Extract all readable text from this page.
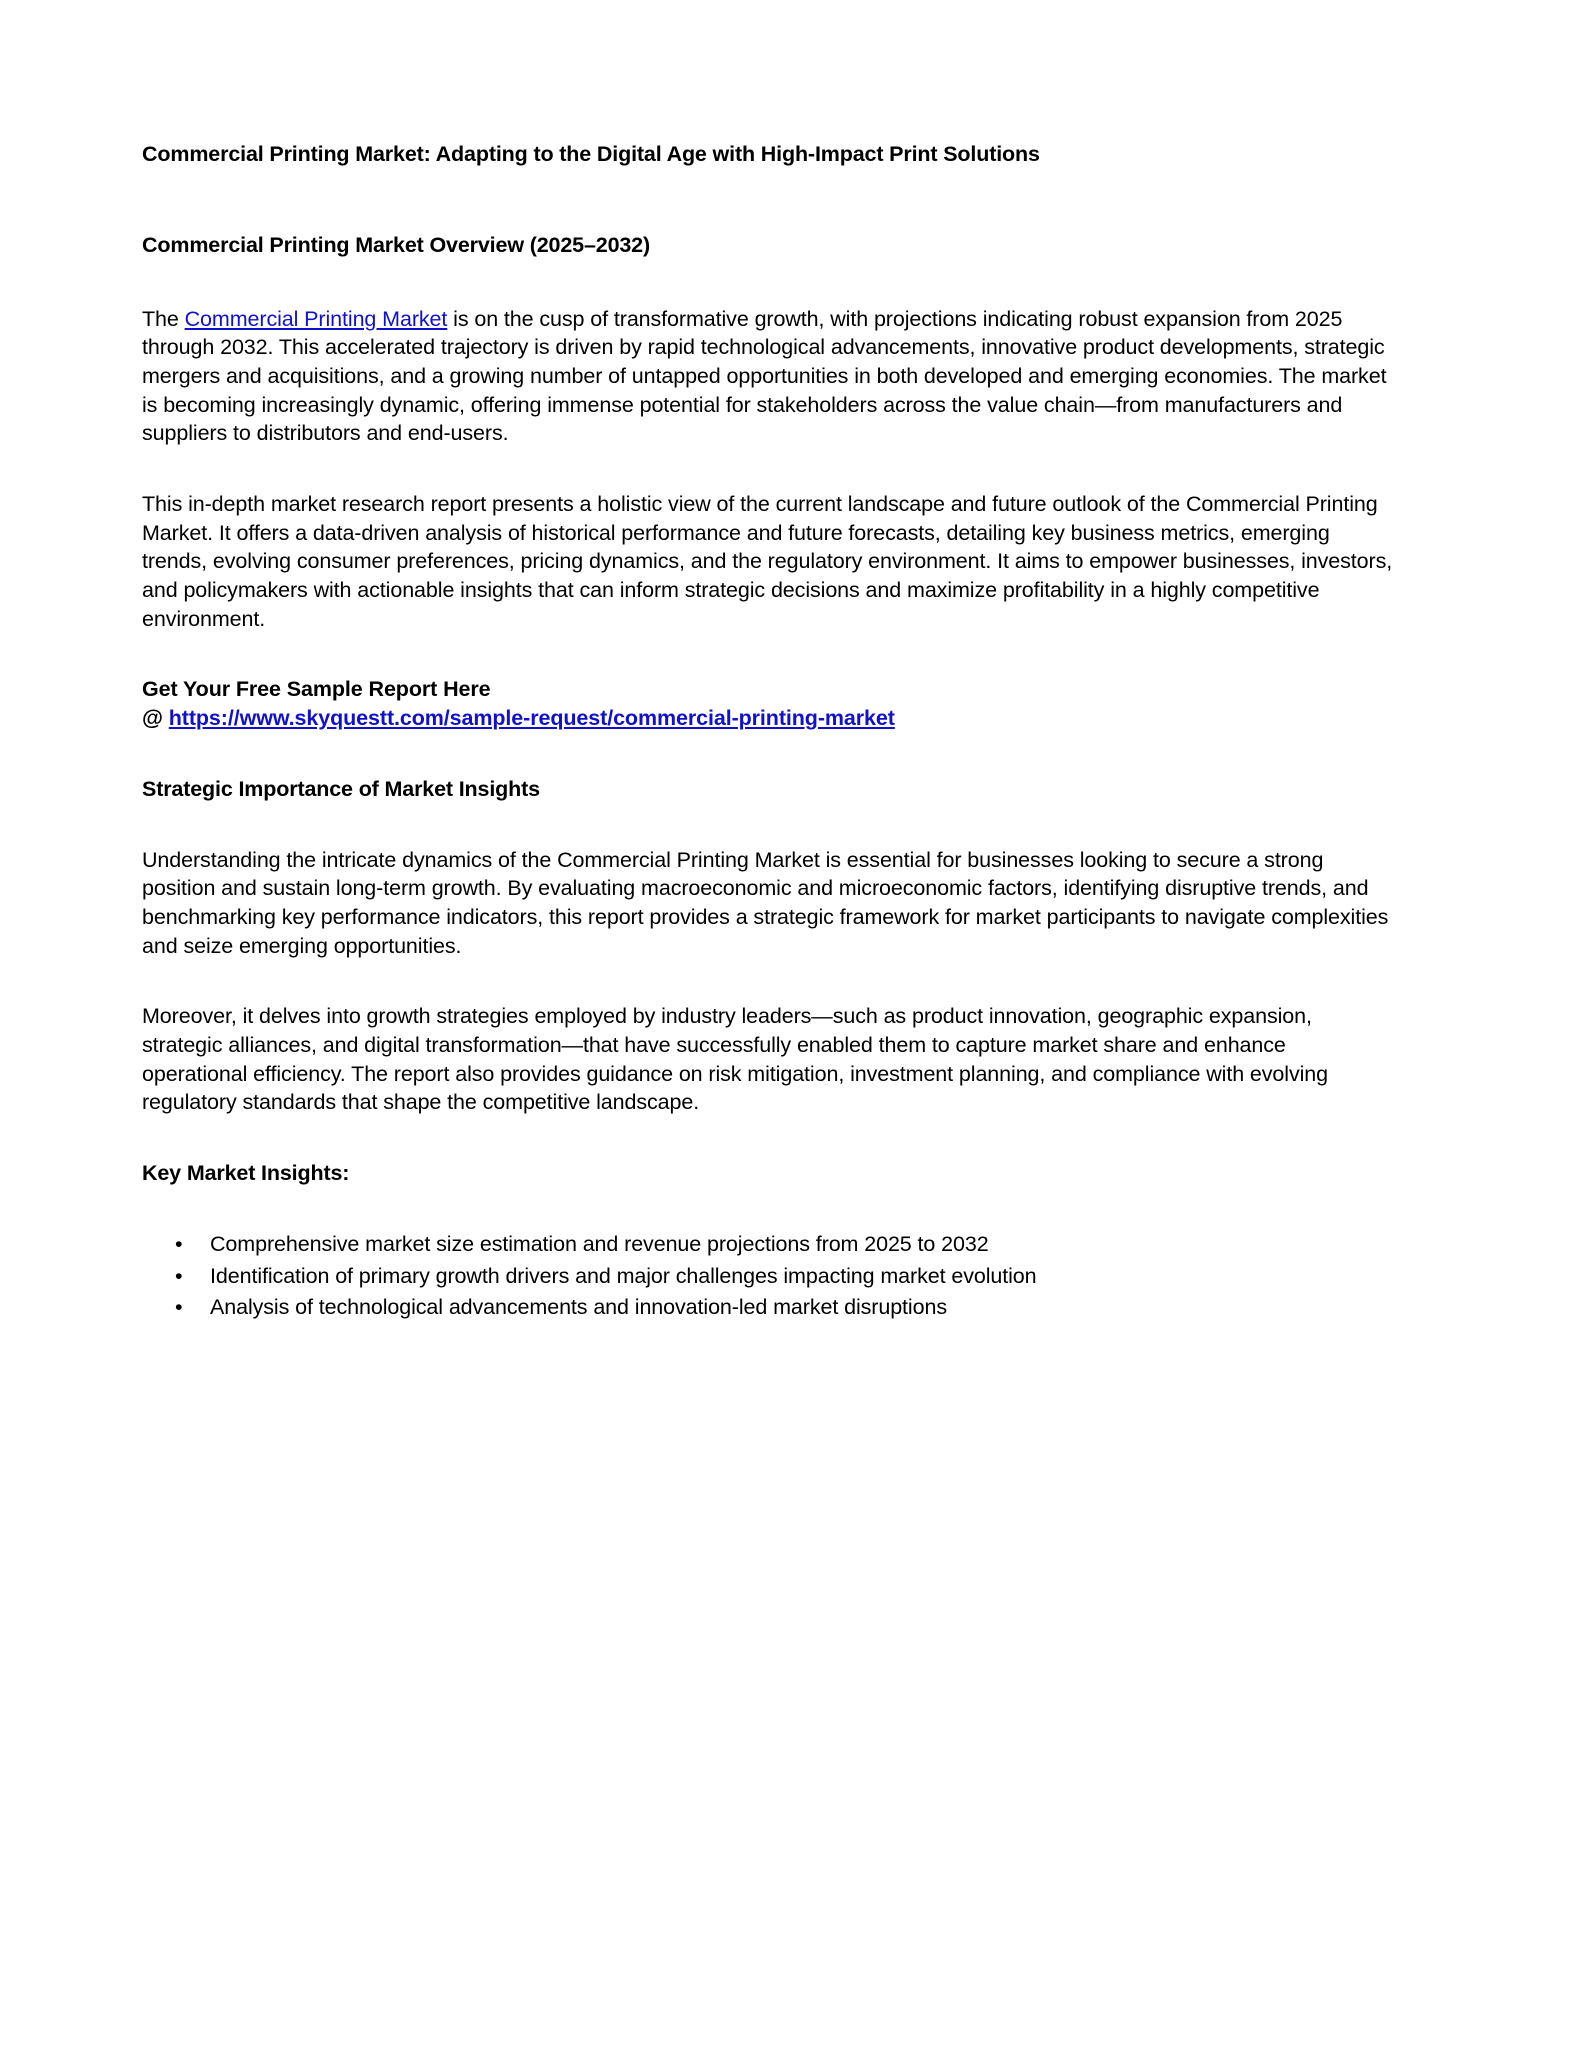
Commercial Printing Market: Adapting to the Digital Age with High-Impact Print Solutions
Commercial Printing Market Overview (2025–2032)

The Commercial Printing Market is on the cusp of transformative growth, with projections indicating robust expansion from 2025 through 2032. This accelerated trajectory is driven by rapid technological advancements, innovative product developments, strategic mergers and acquisitions, and a growing number of untapped opportunities in both developed and emerging economies. The market is becoming increasingly dynamic, offering immense potential for stakeholders across the value chain—from manufacturers and suppliers to distributors and end-users.

This in-depth market research report presents a holistic view of the current landscape and future outlook of the Commercial Printing Market. It offers a data-driven analysis of historical performance and future forecasts, detailing key business metrics, emerging trends, evolving consumer preferences, pricing dynamics, and the regulatory environment. It aims to empower businesses, investors, and policymakers with actionable insights that can inform strategic decisions and maximize profitability in a highly competitive environment.

Get Your Free Sample Report Here
@ https://www.skyquestt.com/sample-request/commercial-printing-market
Strategic Importance of Market Insights

Understanding the intricate dynamics of the Commercial Printing Market is essential for businesses looking to secure a strong position and sustain long-term growth. By evaluating macroeconomic and microeconomic factors, identifying disruptive trends, and benchmarking key performance indicators, this report provides a strategic framework for market participants to navigate complexities and seize emerging opportunities.

Moreover, it delves into growth strategies employed by industry leaders—such as product innovation, geographic expansion, strategic alliances, and digital transformation—that have successfully enabled them to capture market share and enhance operational efficiency. The report also provides guidance on risk mitigation, investment planning, and compliance with evolving regulatory standards that shape the competitive landscape.

Key Market Insights:
• Comprehensive market size estimation and revenue projections from 2025 to 2032
• Identification of primary growth drivers and major challenges impacting market evolution
• Analysis of technological advancements and innovation-led market disruptions
